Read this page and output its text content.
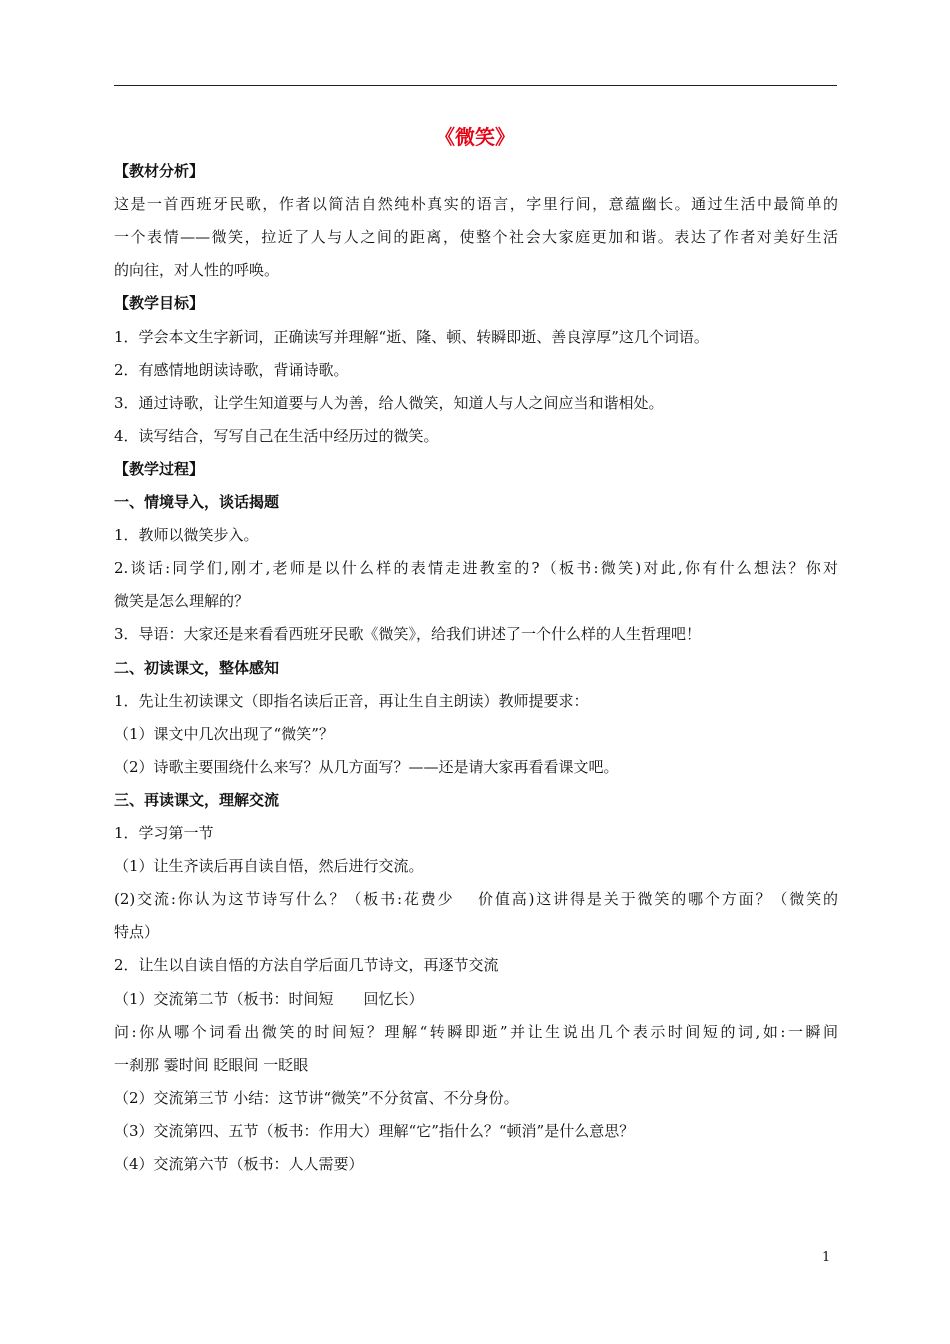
《微笑》
【教材分析】
这是一首西班牙民歌，作者以简洁自然纯朴真实的语言，字里行间，意蕴幽长。通过生活中最简单的
一个表情——微笑，拉近了人与人之间的距离，使整个社会大家庭更加和谐。表达了作者对美好生活
的向往，对人性的呼唤。
【教学目标】
1．学会本文生字新词，正确读写并理解“逝、隆、顿、转瞬即逝、善良淳厚”这几个词语。
2．有感情地朗读诗歌，背诵诗歌。
3．通过诗歌，让学生知道要与人为善，给人微笑，知道人与人之间应当和谐相处。
4．读写结合，写写自己在生活中经历过的微笑。
【教学过程】
一、情境导入，谈话揭题
1．教师以微笑步入。
2.谈话:同学们,刚才,老师是以什么样的表情走进教室的?（板书:微笑)对此,你有什么想法？你对
微笑是怎么理解的？
3．导语：大家还是来看看西班牙民歌《微笑》，给我们讲述了一个什么样的人生哲理吧！
二、初读课文，整体感知
1．先让生初读课文（即指名读后正音，再让生自主朗读）教师提要求：
（1）课文中几次出现了“微笑”？
（2）诗歌主要围绕什么来写？从几方面写？——还是请大家再看看课文吧。
三、再读课文，理解交流
1．学习第一节
（1）让生齐读后再自读自悟，然后进行交流。
(2)交流:你认为这节诗写什么？（板书:花费少　 价值高)这讲得是关于微笑的哪个方面？（微笑的
特点）
2．让生以自读自悟的方法自学后面几节诗文，再逐节交流
（1）交流第二节（板书：时间短　　回忆长）
问:你从哪个词看出微笑的时间短？理解“转瞬即逝”并让生说出几个表示时间短的词,如:一瞬间
一刹那 霎时间 眨眼间 一眨眼
（2）交流第三节 小结：这节讲“微笑”不分贫富、不分身份。
（3）交流第四、五节（板书：作用大）理解“它”指什么？“顿消”是什么意思？
（4）交流第六节（板书：人人需要）
1
